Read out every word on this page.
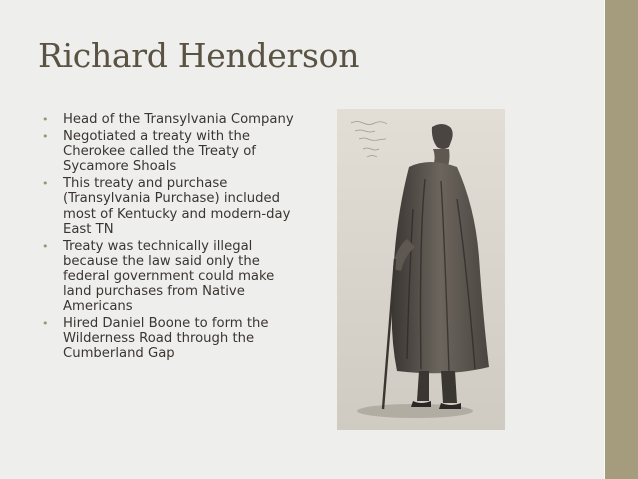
Richard Henderson
• Head of the Transylvania Company
• Negotiated a treaty with the Cherokee called the Treaty of Sycamore Shoals
• This treaty and purchase (Transylvania Purchase) included most of Kentucky and modern-day East TN
• Treaty was technically illegal because the law said only the federal government could make land purchases from Native Americans
• Hired Daniel Boone to form the Wilderness Road through the Cumberland Gap
